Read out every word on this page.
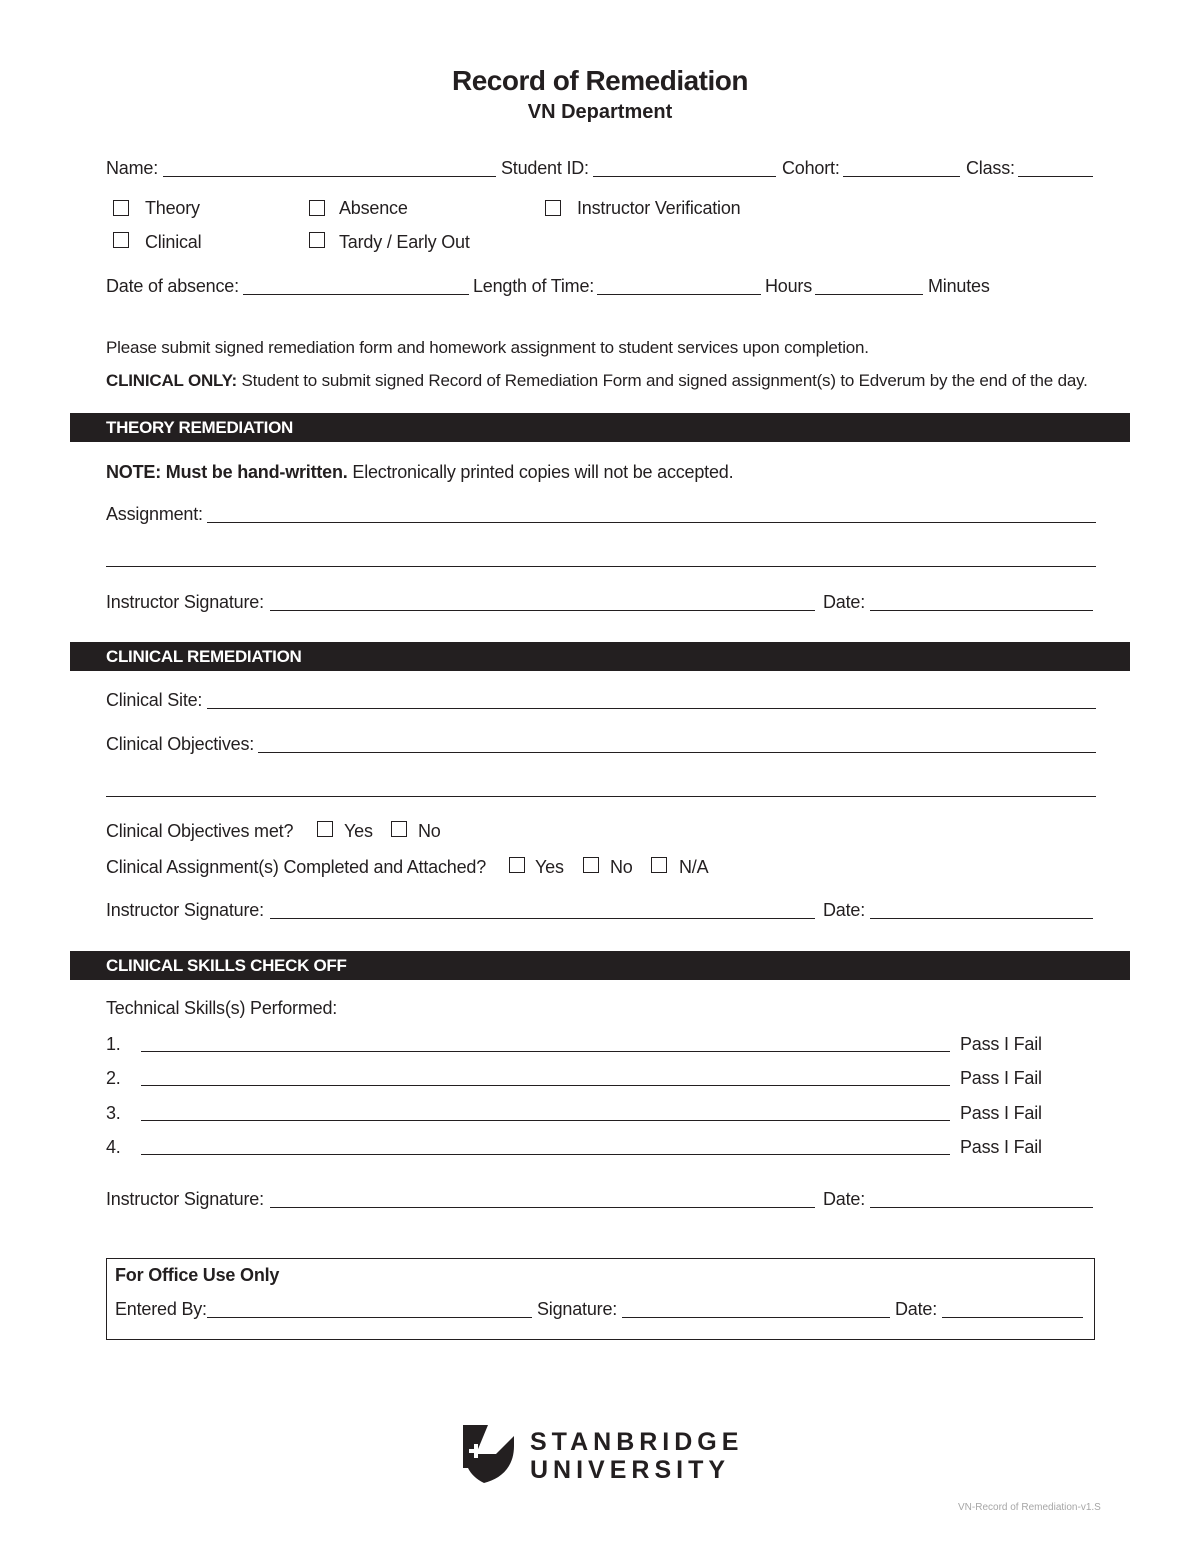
Record of Remediation
VN Department
Name:	Student ID:	Cohort:	Class:
Theory	Absence	Instructor Verification
Clinical	Tardy / Early Out
Date of absence:	Length of Time:	Hours	Minutes
Please submit signed remediation form and homework assignment to student services upon completion.
CLINICAL ONLY: Student to submit signed Record of Remediation Form and signed assignment(s) to Edverum by the end of the day.
THEORY REMEDIATION
NOTE: Must be hand-written. Electronically printed copies will not be accepted.
Assignment:
Instructor Signature:	Date:
CLINICAL REMEDIATION
Clinical Site:
Clinical Objectives:
Clinical Objectives met?	Yes	No
Clinical Assignment(s) Completed and Attached?	Yes	No	N/A
Instructor Signature:	Date:
CLINICAL SKILLS CHECK OFF
Technical Skills(s) Performed:
1.	Pass I Fail
2.	Pass I Fail
3.	Pass I Fail
4.	Pass I Fail
Instructor Signature:	Date:
For Office Use Only
Entered By:	Signature:	Date:
STANBRIDGE
UNIVERSITY
VN-Record of Remediation-v1.S
